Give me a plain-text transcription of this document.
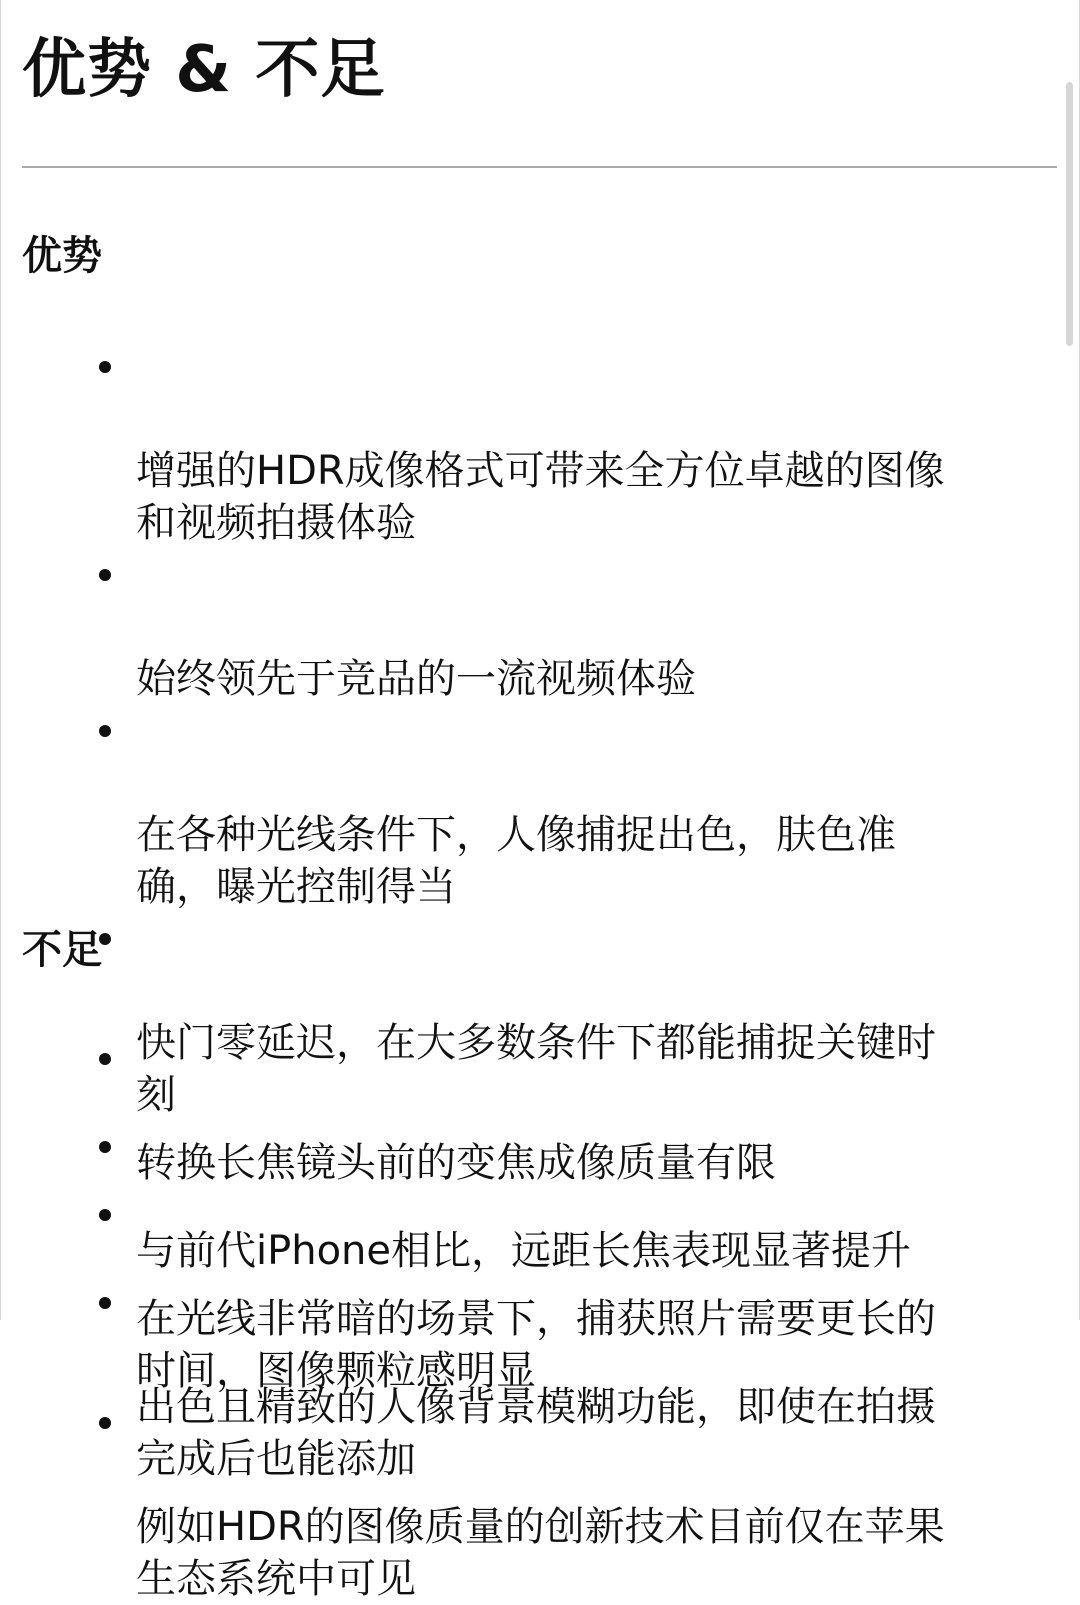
优势 & 不足
优势

增强的HDR成像格式可带来全方位卓越的图像
和视频拍摄体验

始终领先于竞品的一流视频体验

在各种光线条件下，人像捕捉出色，肤色准
确，曝光控制得当

快门零延迟，在大多数条件下都能捕捉关键时
刻

与前代iPhone相比，远距长焦表现显著提升

出色且精致的人像背景模糊功能，即使在拍摄
完成后也能添加

不足

转换长焦镜头前的变焦成像质量有限

在光线非常暗的场景下，捕获照片需要更长的
时间，图像颗粒感明显

例如HDR的图像质量的创新技术目前仅在苹果
生态系统中可见
